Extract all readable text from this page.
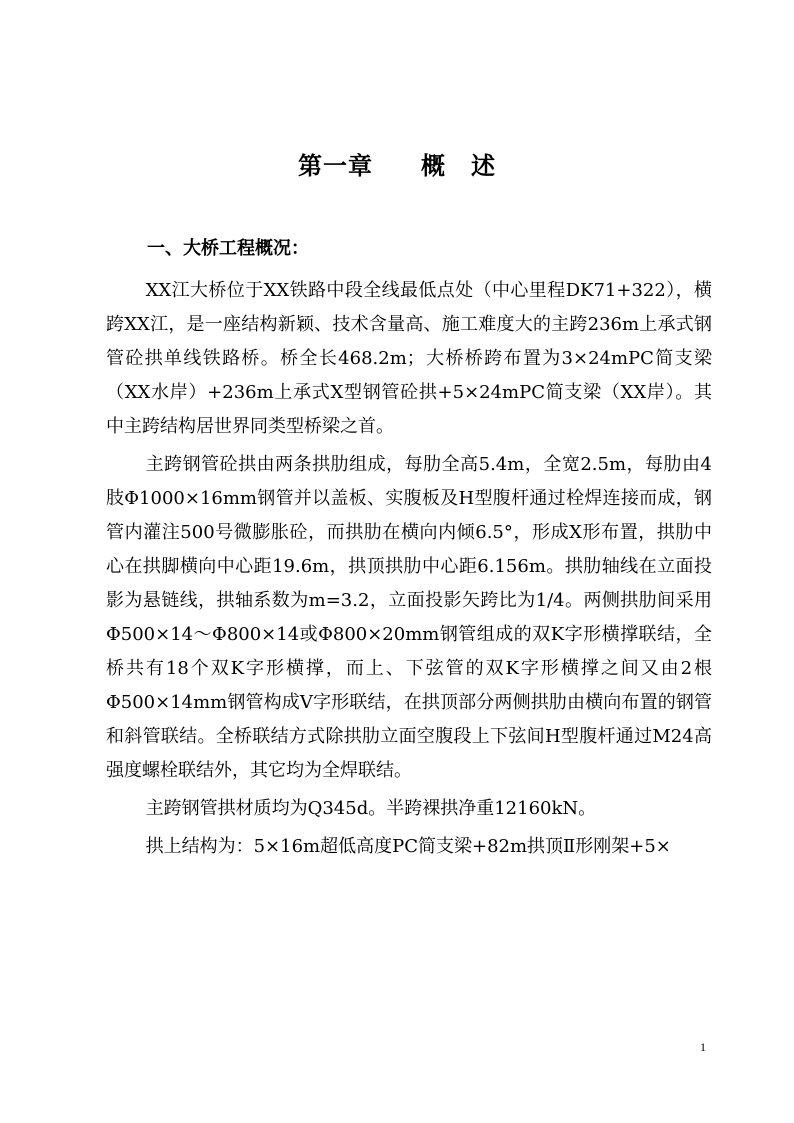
第一章 概　述
一、大桥工程概况：

XX江大桥位于XX铁路中段全线最低点处（中心里程DK71+322），横跨XX江，是一座结构新颖、技术含量高、施工难度大的主跨236m上承式钢管砼拱单线铁路桥。桥全长468.2m；大桥桥跨布置为3×24mPC简支梁（XX水岸）+236m上承式X型钢管砼拱+5×24mPC简支梁（XX岸）。其中主跨结构居世界同类型桥梁之首。

主跨钢管砼拱由两条拱肋组成，每肋全高5.4m，全宽2.5m，每肋由4肢Φ1000×16mm钢管并以盖板、实腹板及H型腹杆通过栓焊连接而成，钢管内灌注500号微膨胀砼，而拱肋在横向内倾6.5°，形成X形布置，拱肋中心在拱脚横向中心距19.6m，拱顶拱肋中心距6.156m。拱肋轴线在立面投影为悬链线，拱轴系数为m=3.2，立面投影矢跨比为1/4。两侧拱肋间采用Φ500×14～Φ800×14或Φ800×20mm钢管组成的双K字形横撑联结，全桥共有18个双K字形横撑，而上、下弦管的双K字形横撑之间又由2根Φ500×14mm钢管构成V字形联结，在拱顶部分两侧拱肋由横向布置的钢管和斜管联结。全桥联结方式除拱肋立面空腹段上下弦间H型腹杆通过M24高强度螺栓联结外，其它均为全焊联结。

主跨钢管拱材质均为Q345d。半跨裸拱净重12160kN。

拱上结构为：5×16m超低高度PC简支梁+82m拱顶Ⅱ形刚架+5×

1
